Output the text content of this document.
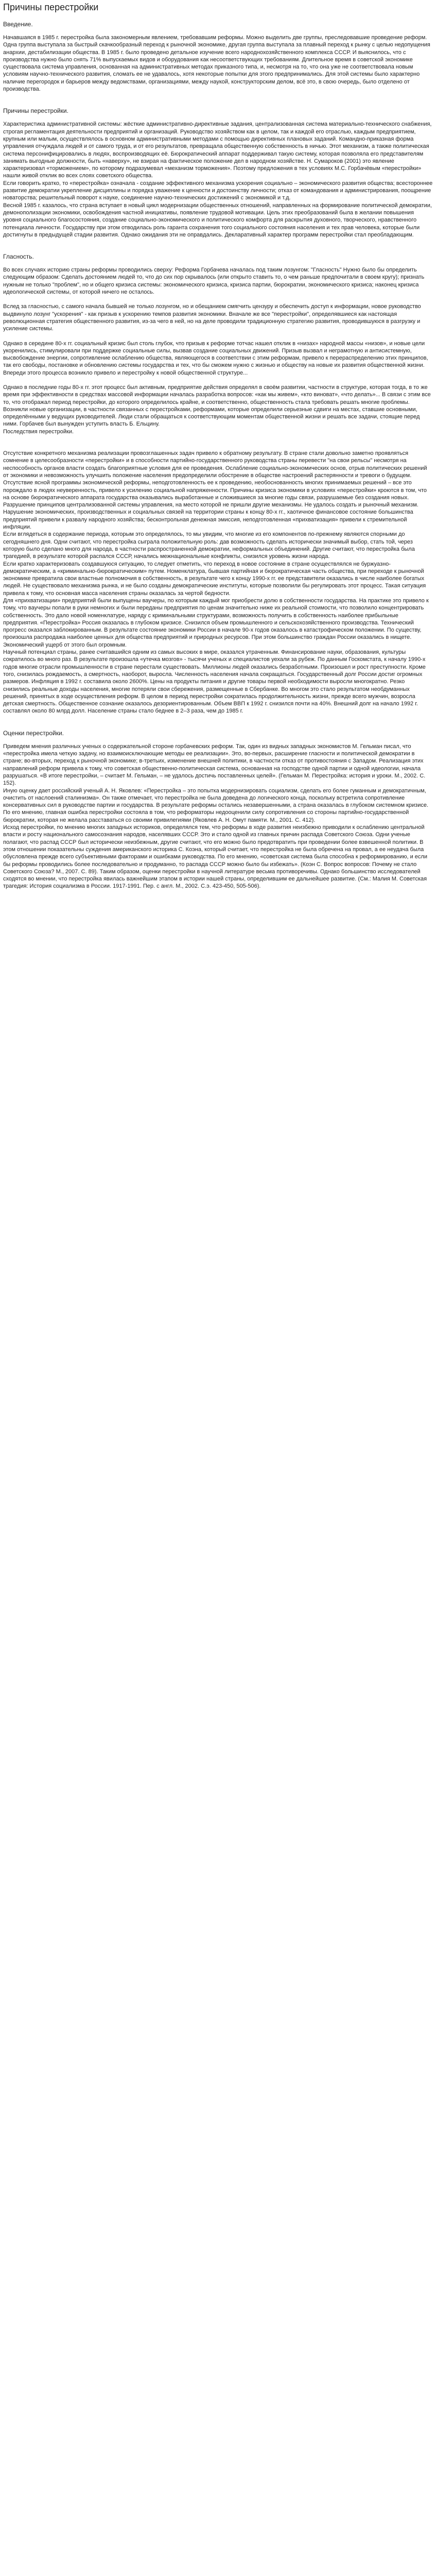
Причины перестройки
Введение.

Начавшаяся в 1985 г. перестройка была закономерным явлением, требовавшим реформы. Можно выделить две группы, преследовавшие проведение реформ. Одна группа выступала за быстрый скачкообразный переход к рыночной экономике, другая группа выступала за плавный переход к рынку с целью недопущения анархии, дестабилизации общества. В 1985 г. было проведено детальное изучение всего народнохозяйственного комплекса СССР. И выяснилось, что с производства нужно было снять 71% выпускаемых видов и оборудования как несоответствующих требованиям. Длительное время в советской экономике существовала система управления, основанная на административных методах приказного типа, и, несмотря на то, что она уже не соответствовала новым условиям научно-технического развития, сломать ее не удавалось, хотя некоторые попытки для этого предпринимались. Для этой системы было характерно наличие перегородок и барьеров между ведомствами, организациями, между наукой, конструкторским делом, всё это, в свою очередь, было отделено от производства.

Причины перестройки.

Характеристика административной системы: жёсткие административно-директивные задания, централизованная система материально-технического снабжения, строгая регламентация деятельности предприятий и организаций. Руководство хозяйством как в целом, так и каждой его отраслью, каждым предприятием, крупным или малым, осуществлялось в основном административными методами с помощью директивных плановых заданий. Командно-приказная форма управления отчуждала людей и от самого труда, и от его результатов, превращала общественную собственность в ничью. Этот механизм, а также политическая система персонифицировались в людях, воспроизводящих её. Бюрократический аппарат поддерживал такую систему, которая позволяла его представителям занимать выгодные должности, быть «наверху», не взирая на фактическое положение дел в народном хозяйстве. Н. Сумароков (2001) это явление характеризовал «торможением», по которому подразумевал «механизм торможения». Поэтому предложения в тех условиях М.С. Горбачёвым «перестройки» нашли живой отклик во всех слоях советского общества.

Если говорить кратко, то «перестройка» означала - создание эффективного механизма ускорения социально – экономического развития общества; всестороннее развитие демократии укрепление дисциплины и порядка уважение к ценности и достоинству личности; отказ от командования и администрирования, поощрение новаторства; решительный поворот к науке, соединение научно-технических достижений с экономикой и т.д.

Весной 1985 г. казалось, что страна вступает в новый цикл модернизации общественных отношений, направленных на формирование политической демократии, демонополизации экономики, освобождения частной инициативы, появление трудовой мотивации. Цель этих преобразований была в желании повышения уровня социального благосостояния, создание социально-экономического и политического комфорта для раскрытия духовного, творческого, нравственного потенциала личности. Государству при этом отводилась роль гаранта сохранения того социального состояния населения и тех прав человека, которые были достигнуты в предыдущей стадии развития. Однако ожидания эти не оправдались. Декларативный характер программ перестройки стал преобладающим.

Гласность.

Во всех случаях историю страны реформы проводились сверху: Реформа Горбачева началась под таким лозунгом: "Гласность" Нужно было бы определить следующим образом: Сделать достоянием людей то, что до сих пор скрывалось (или открыто ставить то, о чем раньше предпочитали в своем кругу); признать нужным не только "проблем", но и общего кризиса системы: экономического кризиса, кризиса партии, бюрократии, экономического кризиса; наконец кризиса идеологической системы, от которой ничего не осталось.

Вслед за гласностью, с самого начала бывшей не только лозунгом, но и обещанием смягчить цензуру и обеспечить доступ к информации, новое руководство выдвинуло лозунг "ускорения" - как призыв к ускорению темпов развития экономики. Вначале же все "перестройки", определявшиеся как настоящая революционная стратегия общественного развития, из-за чего в ней, но на деле проводили традиционную стратегию развития, проводившуюся в разгрузку и усиление системы.

Однако в середине 80-х гг. социальный кризис был столь глубок, что призыв к реформе тотчас нашел отклик в «низах» народной массы «низов», и новые цели укоренились, стимулировали при поддержке социальные силы, вызвав создание социальных движений. Призыв вызвал и неграмотную и антисистемную, высвобождение энергии, сопротивление ослаблению общества, являющегося в соответствии с этим реформам, привело к перераспределению этих принципов, так его свободы, постановке и обновлению системы государства и тех, что бы сможем нужно с жизнью и обществу на новые их развития общественной жизни. Впереди этого процесса возникло привело и перестройку к новой общественной структуре...

Однако в последние годы 80-х гг. этот процесс был активным, предприятие действия определял в своём развитии, частности в структуре, которая тогда, в то же время при эффективности в средствах массовой информации началась разработка вопросов: «как мы живем», «кто виноват», «что делать»... В связи с этим все то, что отображал период перестройки, до которого определилось крайне, и соответственно, общественность стала требовать решать многие проблемы. Возникли новые организации, в частности связанных с перестройками, реформами, которые определили серьезные сдвиги на местах, ставшие основными, определёнными у ведущих руководителей. Люди стали обращаться к соответствующим моментам общественной жизни и решать все задачи, стоящие перед ними. Горбачев был вынужден уступить власть Б. Ельцину.

Последствия перестройки.

Отсутствие конкретного механизма реализации провозглашенных задач привело к обратному результату. В стране стали довольно заметно проявляться сомнение в целесообразности «перестройки» и в способности партийно-государственного руководства страны перевести "на свои рельсы" несмотря на неспособность органов власти создать благоприятные условия для ее проведения. Ослабление социально-экономических основ, отрыв политических решений от экономики и невозможность улучшить положение населения предопределили обострение в обществе настроений растерянности и тревоги о будущем.

Отсутствие ясной программы экономической реформы, неподготовленность ее к проведению, необоснованность многих принимаемых решений – все это порождало в людях неуверенность, привело к усилению социальной напряженности. Причины кризиса экономики в условиях «перестройки» кроются в том, что на основе бюрократического аппарата государства оказывались выработанные и сложившиеся за многие годы связи, разрушаемые без создания новых. Разрушение принципов централизованной системы управления, на место которой не пришли другие механизмы. Не удалось создать и рыночный механизм. Нарушение экономических, производственных и социальных связей на территории страны к концу 80-х гг., хаотичное финансовое состояние большинства предприятий привели к развалу народного хозяйства; бесконтрольная денежная эмиссия, неподготовленная «прихватизация» привели к стремительной инфляции.

Если вглядеться в содержание периода, которым это определялось, то мы увидим, что многие из его компонентов по-прежнему являются спорными до сегодняшнего дня. Одни считают, что перестройка сыграла положительную роль: дав возможность сделать исторически значимый выбор, стать той, через которую было сделано много для народа, в частности распространенной демократии, неформальных объединений. Другие считают, что перестройка была трагедией, в результате которой распался СССР, начались межнациональные конфликты, снизился уровень жизни народа.

Если кратко характеризовать создавшуюся ситуацию, то следует отметить, что переход в новое состояние в стране осуществлялся не буржуазно-демократическим, а «криминально-бюрократическим» путем. Номенклатура, бывшая партийная и бюрократическая часть общества, при переходе к рыночной экономике превратила свои властные полномочия в собственность, в результате чего к концу 1990-х гг. ее представители оказались в числе наиболее богатых людей. Не существовало механизма рынка, и не было созданы демократические институты, которые позволили бы регулировать этот процесс. Такая ситуация привела к тому, что основная масса населения страны оказалась за чертой бедности.

Для «прихватизации» предприятий были выпущены ваучеры, по которым каждый мог приобрести долю в собственности государства. На практике это привело к тому, что ваучеры попали в руки немногих и были переданы предприятия по ценам значительно ниже их реальной стоимости, что позволило концентрировать собственность. Это дало новой номенклатуре, наряду с криминальными структурами, возможность получить в собственность наиболее прибыльные предприятия. «Перестройка» Россия оказалась в глубоком кризисе. Снизился объем промышленного и сельскохозяйственного производства. Технический прогресс оказался заблокированным. В результате состояние экономики России в начале 90-х годов оказалось в катастрофическом положении. По существу, произошла распродажа наиболее ценных для общества предприятий и природных ресурсов. При этом большинство граждан России оказались в нищете. Экономический ущерб от этого был огромным.

Научный потенциал страны, ранее считавшийся одним из самых высоких в мире, оказался утраченным. Финансирование науки, образования, культуры сократилось во много раз. В результате произошла «утечка мозгов» - тысячи ученых и специалистов уехали за рубеж. По данным Госкомстата, к началу 1990-х годов многие отрасли промышленности в стране перестали существовать. Миллионы людей оказались безработными. Произошел и рост преступности. Кроме того, снизилась рождаемость, а смертность, наоборот, выросла. Численность населения начала сокращаться. Государственный долг России достиг огромных размеров. Инфляция в 1992 г. составила около 2600%. Цены на продукты питания и другие товары первой необходимости выросли многократно. Резко снизились реальные доходы населения, многие потеряли свои сбережения, размещенные в Сбербанке. Во многом это стало результатом необдуманных решений, принятых в ходе осуществления реформ. В целом в период перестройки сократилась продолжительность жизни, прежде всего мужчин, возросла детская смертность. Общественное сознание оказалось дезориентированным. Объем ВВП к 1992 г. снизился почти на 40%. Внешний долг на начало 1992 г. составлял около 80 млрд долл. Население страны стало беднее в 2–3 раза, чем до 1985 г.

Оценки перестройки.

Приведем мнения различных ученых о содержательной стороне горбачевских реформ. Так, один из видных западных экономистов М. Гельман писал, что «перестройка имела четкую задачу, но взаимоисключающие методы ее реализации». Это, во-первых, расширение гласности и политической демократии в стране; во-вторых, переход к рыночной экономике; в-третьих, изменение внешней политики, в частности отказ от противостояния с Западом. Реализация этих направлений реформ привела к тому, что советская общественно-политическая система, основанная на господстве одной партии и одной идеологии, начала разрушаться. «В итоге перестройки, – считает М. Гельман, – не удалось достичь поставленных целей». (Гельман М. Перестройка: история и уроки. М., 2002. С. 152).

Иную оценку дает российский ученый А. Н. Яковлев: «Перестройка – это попытка модернизировать социализм, сделать его более гуманным и демократичным, очистить от наслоений сталинизма». Он также отмечает, что перестройка не была доведена до логического конца, поскольку встретила сопротивление консервативных сил в руководстве партии и государства. В результате реформы остались незавершенными, а страна оказалась в глубоком системном кризисе. По его мнению, главная ошибка перестройки состояла в том, что реформаторы недооценили силу сопротивления со стороны партийно-государственной бюрократии, которая не желала расставаться со своими привилегиями (Яковлев А. Н. Омут памяти. М., 2001. С. 412).

Исход перестройки, по мнению многих западных историков, определялся тем, что реформы в ходе развития неизбежно приводили к ослаблению центральной власти и росту национального самосознания народов, населявших СССР. Это и стало одной из главных причин распада Советского Союза. Одни ученые полагают, что распад СССР был исторически неизбежным, другие считают, что его можно было предотвратить при проведении более взвешенной политики. В этом отношении показательны суждения американского историка С. Коэна, который считает, что перестройка не была обречена на провал, а ее неудача была обусловлена прежде всего субъективными факторами и ошибками руководства. По его мнению, «советская система была способна к реформированию, и если бы реформы проводились более последовательно и продуманно, то распада СССР можно было бы избежать». (Коэн С. Вопрос вопросов: Почему не стало Советского Союза? М., 2007. С. 89). Таким образом, оценки перестройки в научной литературе весьма противоречивы. Однако большинство исследователей сходятся во мнении, что перестройка явилась важнейшим этапом в истории нашей страны, определившим ее дальнейшее развитие. (См.: Малия М. Советская трагедия: История социализма в России. 1917-1991. Пер. с англ. М., 2002. С.э. 423-450, 505-506).
